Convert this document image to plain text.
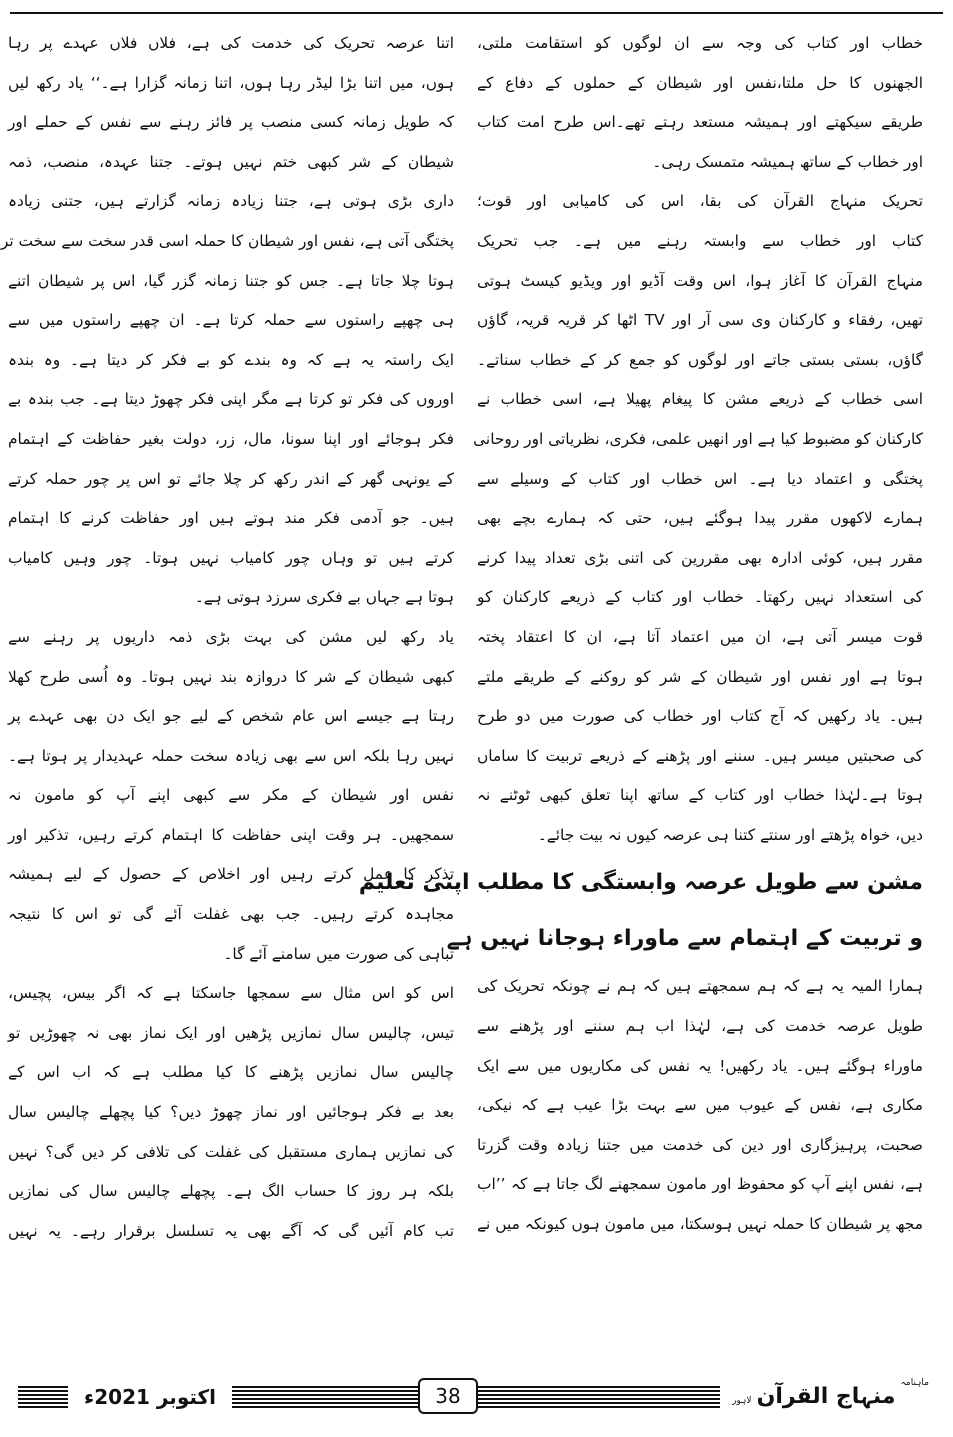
خطاب اور کتاب کی وجہ سے ان لوگوں کو استقامت ملتی،
الجھنوں کا حل ملتا،نفس اور شیطان کے حملوں کے دفاع کے
طریقے سیکھتے اور ہمیشہ مستعد رہتے تھے۔اس طرح امت کتاب
اور خطاب کے ساتھ ہمیشہ متمسک رہی۔
تحریک منہاج القرآن کی بقا، اس کی کامیابی اور قوت؛
کتاب اور خطاب سے وابستہ رہنے میں ہے۔ جب تحریک
منہاج القرآن کا آغاز ہوا، اس وقت آڈیو اور ویڈیو کیسٹ ہوتی
تھیں، رفقاء و کارکنان وی سی آر اور TV اٹھا کر قریہ قریہ، گاؤں
گاؤں، بستی بستی جاتے اور لوگوں کو جمع کر کے خطاب سناتے۔
اسی خطاب کے ذریعے مشن کا پیغام پھیلا ہے، اسی خطاب نے
کارکنان کو مضبوط کیا ہے اور انھیں علمی، فکری، نظریاتی اور روحانی
پختگی و اعتماد دیا ہے۔ اس خطاب اور کتاب کے وسیلے سے
ہمارے لاکھوں مقرر پیدا ہوگئے ہیں، حتی کہ ہمارے بچے بھی
مقرر ہیں، کوئی ادارہ بھی مقررین کی اتنی بڑی تعداد پیدا کرنے
کی استعداد نہیں رکھتا۔ خطاب اور کتاب کے ذریعے کارکنان کو
قوت میسر آتی ہے، ان میں اعتماد آتا ہے، ان کا اعتقاد پختہ
ہوتا ہے اور نفس اور شیطان کے شر کو روکنے کے طریقے ملتے
ہیں۔ یاد رکھیں کہ آج کتاب اور خطاب کی صورت میں دو طرح
کی صحبتیں میسر ہیں۔ سننے اور پڑھنے کے ذریعے تربیت کا ساماں
ہوتا ہے۔لہٰذا خطاب اور کتاب کے ساتھ اپنا تعلق کبھی ٹوٹنے نہ
دیں، خواہ پڑھتے اور سنتے کتنا ہی عرصہ کیوں نہ بیت جائے۔
مشن سے طویل عرصہ وابستگی کا مطلب اپنی تعلیم
و تربیت کے اہتمام سے ماوراء ہوجانا نہیں ہے
ہمارا المیہ یہ ہے کہ ہم سمجھتے ہیں کہ ہم نے چونکہ تحریک کی
طویل عرصہ خدمت کی ہے، لہٰذا اب ہم سننے اور پڑھنے سے
ماوراء ہوگئے ہیں۔ یاد رکھیں! یہ نفس کی مکاریوں میں سے ایک
مکاری ہے، نفس کے عیوب میں سے بہت بڑا عیب ہے کہ نیکی،
صحبت، پرہیزگاری اور دین کی خدمت میں جتنا زیادہ وقت گزرتا
ہے، نفس اپنے آپ کو محفوظ اور مامون سمجھنے لگ جاتا ہے کہ ’’اب
مجھ پر شیطان کا حملہ نہیں ہوسکتا، میں مامون ہوں کیونکہ میں نے
اتنا عرصہ تحریک کی خدمت کی ہے، فلاں فلاں عہدے پر رہا
ہوں، میں اتنا بڑا لیڈر رہا ہوں، اتنا زمانہ گزارا ہے۔‘‘ یاد رکھ لیں
کہ طویل زمانہ کسی منصب پر فائز رہنے سے نفس کے حملے اور
شیطان کے شر کبھی ختم نہیں ہوتے۔ جتنا عہدہ، منصب، ذمہ
داری بڑی ہوتی ہے، جتنا زیادہ زمانہ گزارتے ہیں، جتنی زیادہ
پختگی آتی ہے، نفس اور شیطان کا حملہ اسی قدر سخت سے سخت تر
ہوتا چلا جاتا ہے۔ جس کو جتنا زمانہ گزر گیا، اس پر شیطان اتنے
ہی چھپے راستوں سے حملہ کرتا ہے۔ ان چھپے راستوں میں سے
ایک راستہ یہ ہے کہ وہ بندے کو بے فکر کر دیتا ہے۔ وہ بندہ
اوروں کی فکر تو کرتا ہے مگر اپنی فکر چھوڑ دیتا ہے۔ جب بندہ بے
فکر ہوجائے اور اپنا سونا، مال، زر، دولت بغیر حفاظت کے اہتمام
کے یونہی گھر کے اندر رکھ کر چلا جائے تو اس پر چور حملہ کرتے
ہیں۔ جو آدمی فکر مند ہوتے ہیں اور حفاظت کرنے کا اہتمام
کرتے ہیں تو وہاں چور کامیاب نہیں ہوتا۔ چور وہیں کامیاب
ہوتا ہے جہاں بے فکری سرزد ہوتی ہے۔
یاد رکھ لیں مشن کی بہت بڑی ذمہ داریوں پر رہنے سے
کبھی شیطان کے شر کا دروازہ بند نہیں ہوتا۔ وہ اُسی طرح کھلا
رہتا ہے جیسے اس عام شخص کے لیے جو ایک دن بھی عہدے پر
نہیں رہا بلکہ اس سے بھی زیادہ سخت حملہ عہدیدار پر ہوتا ہے۔
نفس اور شیطان کے مکر سے کبھی اپنے آپ کو مامون نہ
سمجھیں۔ ہر وقت اپنی حفاظت کا اہتمام کرتے رہیں، تذکیر اور
تذکر کا عمل کرتے رہیں اور اخلاص کے حصول کے لیے ہمیشہ
مجاہدہ کرتے رہیں۔ جب بھی غفلت آئے گی تو اس کا نتیجہ
تباہی کی صورت میں سامنے آئے گا۔
اس کو اس مثال سے سمجھا جاسکتا ہے کہ اگر بیس، پچیس،
تیس، چالیس سال نمازیں پڑھیں اور ایک نماز بھی نہ چھوڑیں تو
چالیس سال نمازیں پڑھنے کا کیا مطلب ہے کہ اب اس کے
بعد بے فکر ہوجائیں اور نماز چھوڑ دیں؟ کیا پچھلے چالیس سال
کی نمازیں ہماری مستقبل کی غفلت کی تلافی کر دیں گی؟ نہیں
بلکہ ہر روز کا حساب الگ ہے۔ پچھلے چالیس سال کی نمازیں
تب کام آئیں گی کہ آگے بھی یہ تسلسل برقرار رہے۔ یہ نہیں
اکتوبر 2021ء	38
$^{ماہنامہ}$ منہاج القرآن لاہور
